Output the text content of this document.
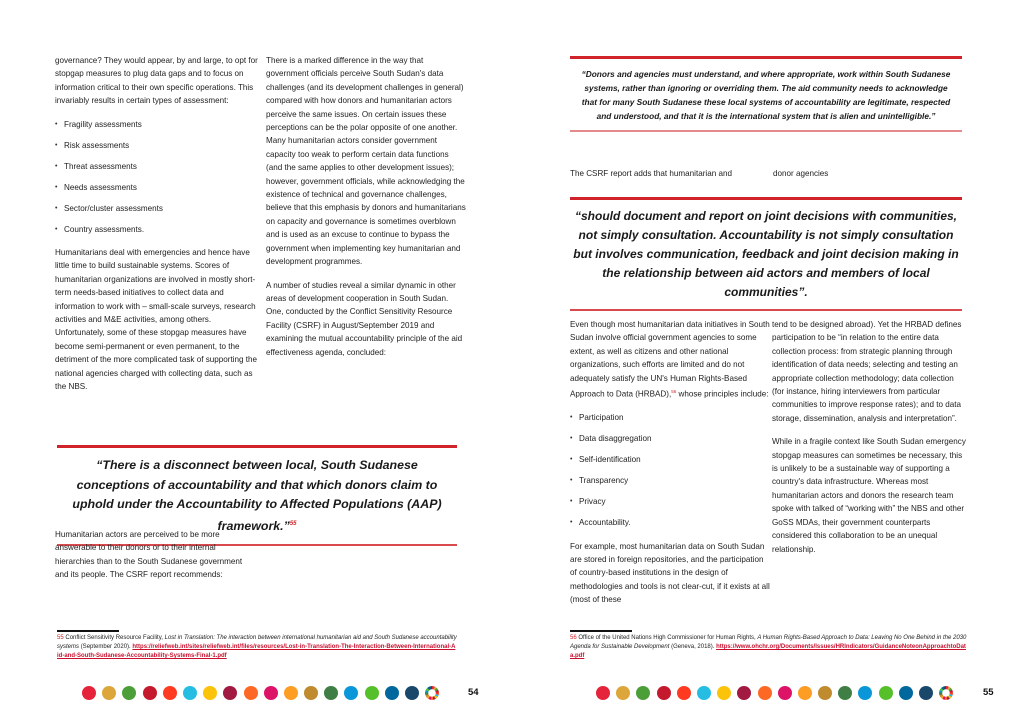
governance? They would appear, by and large, to opt for stopgap measures to plug data gaps and to focus on information critical to their own specific operations. This invariably results in certain types of assessment:

• Fragility assessments
• Risk assessments
• Threat assessments
• Needs assessments
• Sector/cluster assessments
• Country assessments.

Humanitarians deal with emergencies and hence have little time to build sustainable systems. Scores of humanitarian organizations are involved in mostly short-term needs-based initiatives to collect data and information to work with – small-scale surveys, research activities and M&E activities, among others. Unfortunately, some of these stopgap measures have become semi-permanent or even permanent, to the detriment of the more complicated task of supporting the national agencies charged with collecting data, such as the NBS.

There is a marked difference in the way that government officials perceive South Sudan's data challenges (and its development challenges in general) compared with how donors and humanitarian actors perceive the same issues. On certain issues these perceptions can be the polar opposite of one another. Many humanitarian actors consider government capacity too weak to perform certain data functions (and the same applies to other development issues); however, government officials, while acknowledging the existence of technical and governance challenges, believe that this emphasis by donors and humanitarians on capacity and governance is sometimes overblown and is used as an excuse to continue to bypass the government when implementing key humanitarian and development programmes.

A number of studies reveal a similar dynamic in other areas of development cooperation in South Sudan. One, conducted by the Conflict Sensitivity Resource Facility (CSRF) in August/September 2019 and examining the mutual accountability principle of the aid effectiveness agenda, concluded:

“There is a disconnect between local, South Sudanese conceptions of accountability and that which donors claim to uphold under the Accountability to Affected Populations (AAP) framework.”$^{55}$

Humanitarian actors are perceived to be more answerable to their donors or to their internal hierarchies than to the South Sudanese government and its people. The CSRF report recommends:

55 Conflict Sensitivity Resource Facility, Lost in Translation: The interaction between international humanitarian aid and South Sudanese accountability systems (September 2020). https://reliefweb.int/sites/reliefweb.int/files/resources/Lost-in-Translation-The-Interaction-Between-International-Aid-and-South-Sudanese-Accountability-Systems-Final-1.pdf
54
“Donors and agencies must understand, and where appropriate, work within South Sudanese systems, rather than ignoring or overriding them. The aid community needs to acknowledge that for many South Sudanese these local systems of accountability are legitimate, respected and understood, and that it is the international system that is alien and unintelligible.”

The CSRF report adds that humanitarian and	donor agencies

“should document and report on joint decisions with communities, not simply consultation. Accountability is not simply consultation but involves communication, feedback and joint decision making in the relationship between aid actors and members of local communities”.

Even though most humanitarian data initiatives in South Sudan involve official government agencies to some extent, as well as citizens and other national organizations, such efforts are limited and do not adequately satisfy the UN's Human Rights-Based Approach to Data (HRBAD),$^{56}$ whose principles include:

• Participation
• Data disaggregation
• Self-identification
• Transparency
• Privacy
• Accountability.

For example, most humanitarian data on South Sudan are stored in foreign repositories, and the participation of country-based institutions in the design of methodologies and tools is not clear-cut, if it exists at all (most of these

tend to be designed abroad). Yet the HRBAD defines participation to be “in relation to the entire data collection process: from strategic planning through identification of data needs; selecting and testing an appropriate collection methodology; data collection (for instance, hiring interviewers from particular communities to improve response rates); and to data storage, dissemination, analysis and interpretation”.

While in a fragile context like South Sudan emergency stopgap measures can sometimes be necessary, this is unlikely to be a sustainable way of supporting a country's data infrastructure. Whereas most humanitarian actors and donors the research team spoke with talked of “working with” the NBS and other GoSS MDAs, their government counterparts considered this collaboration to be an unequal relationship.

56 Office of the United Nations High Commissioner for Human Rights, A Human Rights-Based Approach to Data: Leaving No One Behind in the 2030 Agenda for Sustainable Development (Geneva, 2018). https://www.ohchr.org/Documents/Issues/HRIndicators/GuidanceNoteonApproachtoData.pdf
55
